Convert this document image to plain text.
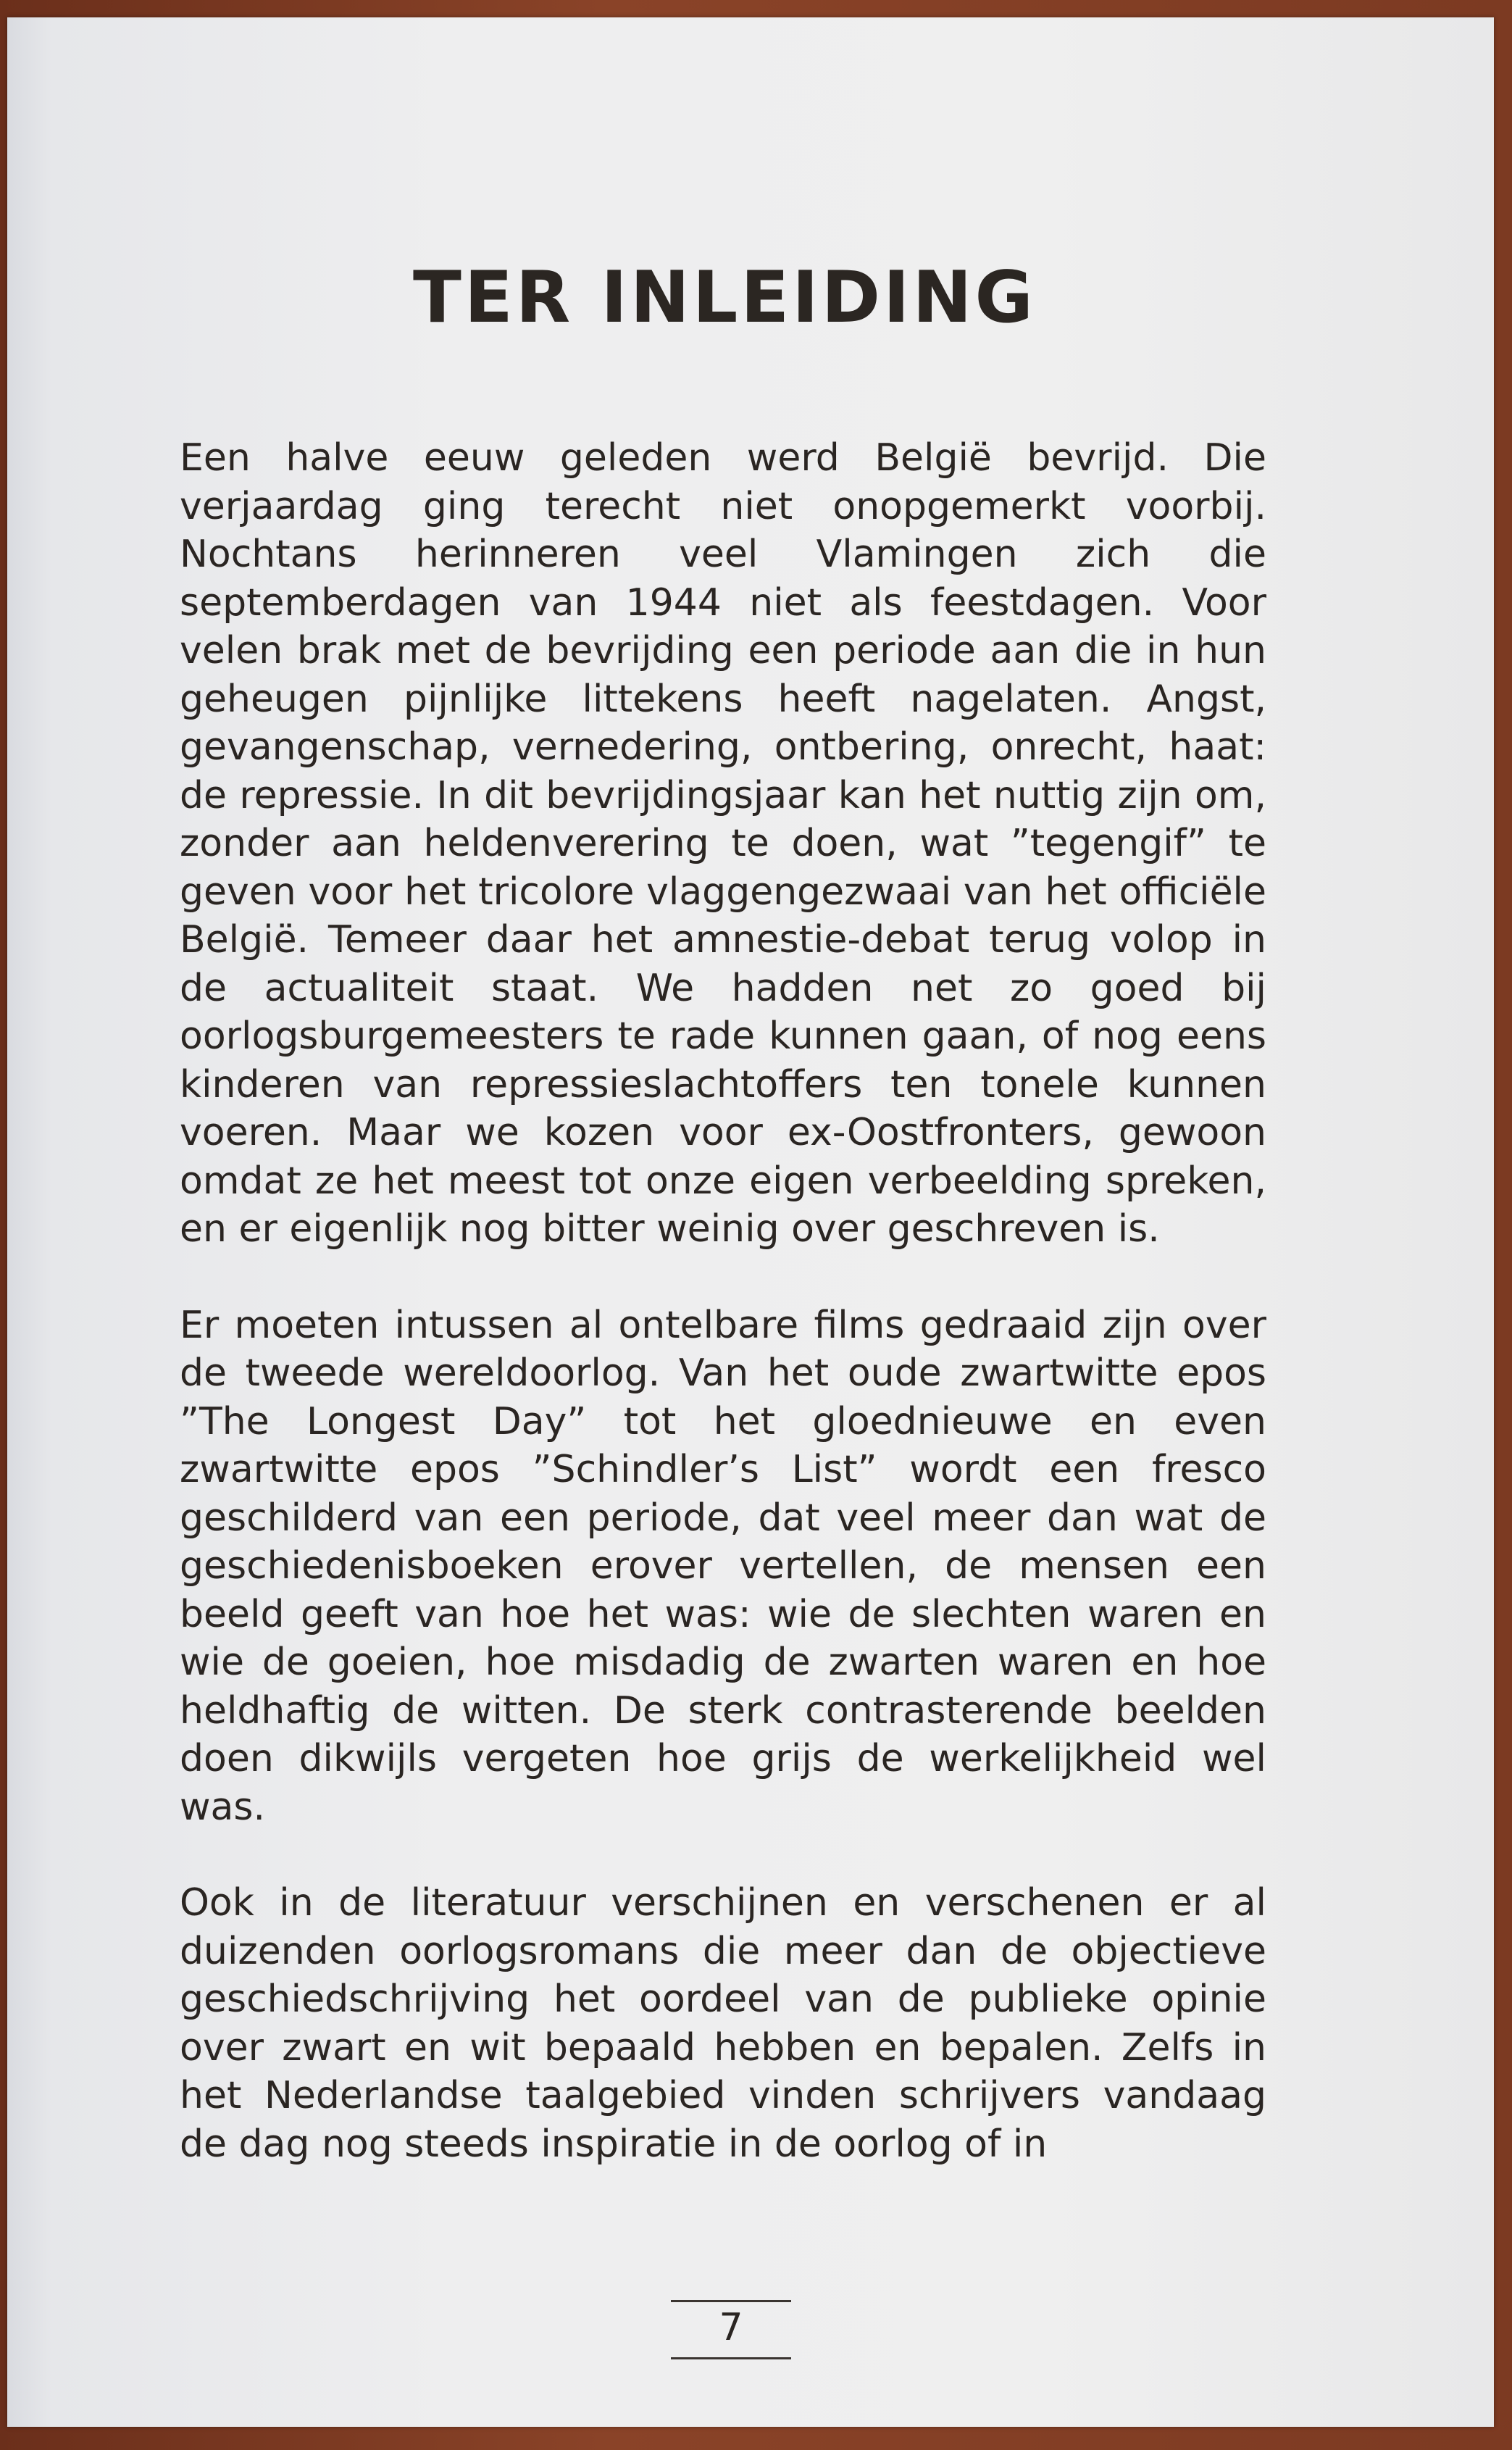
TER INLEIDING

Een halve eeuw geleden werd België bevrijd. Die verjaardag ging terecht niet onopgemerkt voorbij. Nochtans herinneren veel Vlamingen zich die septemberdagen van 1944 niet als feestdagen. Voor velen brak met de bevrijding een periode aan die in hun geheugen pijnlijke littekens heeft nagelaten. Angst, gevangenschap, vernedering, ontbering, onrecht, haat: de repressie. In dit bevrijdingsjaar kan het nuttig zijn om, zonder aan heldenverering te doen, wat ”tegengif” te geven voor het tricolore vlaggengezwaai van het officiële België. Temeer daar het amnestie-debat terug volop in de actualiteit staat. We hadden net zo goed bij oorlogsburgemeesters te rade kunnen gaan, of nog eens kinderen van repressieslachtoffers ten tonele kunnen voeren. Maar we kozen voor ex-Oostfronters, gewoon omdat ze het meest tot onze eigen verbeelding spreken, en er eigenlijk nog bitter weinig over geschreven is.

Er moeten intussen al ontelbare films gedraaid zijn over de tweede wereldoorlog. Van het oude zwartwitte epos ”The Longest Day” tot het gloednieuwe en even zwartwitte epos ”Schindler’s List” wordt een fresco geschilderd van een periode, dat veel meer dan wat de geschiedenisboeken erover vertellen, de mensen een beeld geeft van hoe het was: wie de slechten waren en wie de goeien, hoe misdadig de zwarten waren en hoe heldhaftig de witten. De sterk contrasterende beelden doen dikwijls vergeten hoe grijs de werkelijkheid wel was.

Ook in de literatuur verschijnen en verschenen er al duizenden oorlogsromans die meer dan de objectieve geschiedschrijving het oordeel van de publieke opinie over zwart en wit bepaald hebben en bepalen. Zelfs in het Nederlandse taalgebied vinden schrijvers vandaag de dag nog steeds inspiratie in de oorlog of in

7
